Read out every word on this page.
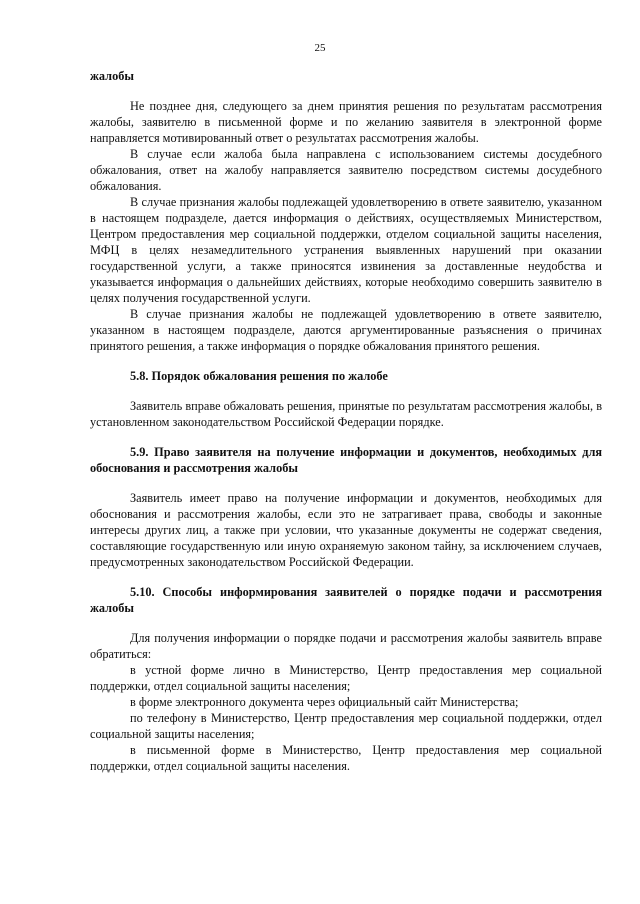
25

жалобы

Не позднее дня, следующего за днем принятия решения по результатам рассмотрения жалобы, заявителю в письменной форме и по желанию заявителя в электронной форме направляется мотивированный ответ о результатах рассмотрения жалобы.

В случае если жалоба была направлена с использованием системы досудебного обжалования, ответ на жалобу направляется заявителю посредством системы досудебного обжалования.

В случае признания жалобы подлежащей удовлетворению в ответе заявителю, указанном в настоящем подразделе, дается информация о действиях, осуществляемых Министерством, Центром предоставления мер социальной поддержки, отделом социальной защиты населения, МФЦ в целях незамедлительного устранения выявленных нарушений при оказании государственной услуги, а также приносятся извинения за доставленные неудобства и указывается информация о дальнейших действиях, которые необходимо совершить заявителю в целях получения государственной услуги.

В случае признания жалобы не подлежащей удовлетворению в ответе заявителю, указанном в настоящем подразделе, даются аргументированные разъяснения о причинах принятого решения, а также информация о порядке обжалования принятого решения.

5.8. Порядок обжалования решения по жалобе

Заявитель вправе обжаловать решения, принятые по результатам рассмотрения жалобы, в установленном законодательством Российской Федерации порядке.

5.9. Право заявителя на получение информации и документов, необходимых для обоснования и рассмотрения жалобы

Заявитель имеет право на получение информации и документов, необходимых для обоснования и рассмотрения жалобы, если это не затрагивает права, свободы и законные интересы других лиц, а также при условии, что указанные документы не содержат сведения, составляющие государственную или иную охраняемую законом тайну, за исключением случаев, предусмотренных законодательством Российской Федерации.

5.10. Способы информирования заявителей о порядке подачи и рассмотрения жалобы

Для получения информации о порядке подачи и рассмотрения жалобы заявитель вправе обратиться:

в устной форме лично в Министерство, Центр предоставления мер социальной поддержки, отдел социальной защиты населения;

в форме электронного документа через официальный сайт Министерства;

по телефону в Министерство, Центр предоставления мер социальной поддержки, отдел социальной защиты населения;

в письменной форме в Министерство, Центр предоставления мер социальной поддержки, отдел социальной защиты населения.
